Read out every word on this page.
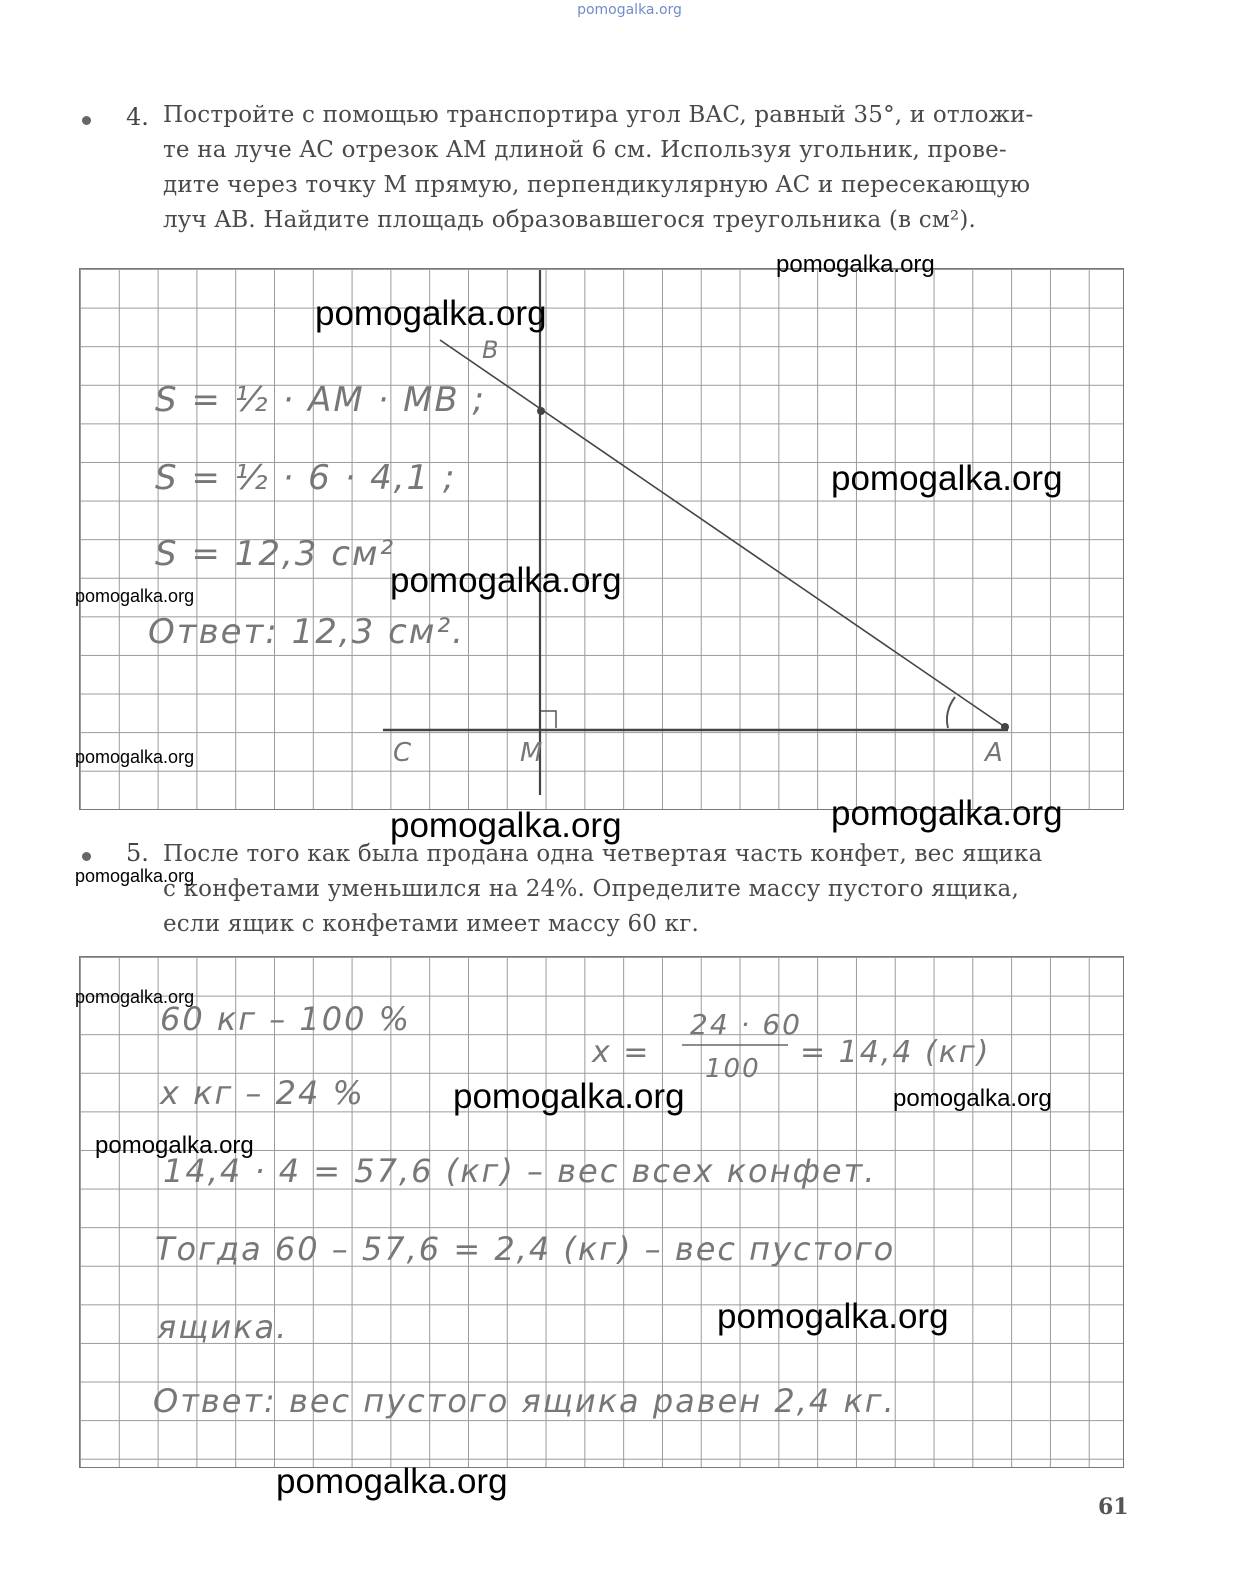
pomogalka.org
4. Постройте с помощью транспортира угол BAC, равный 35°, и отложи-
те на луче AC отрезок AM длиной 6 см. Используя угольник, прове-
дите через точку M прямую, перпендикулярную AC и пересекающую
луч AB. Найдите площадь образовавшегося треугольника (в см²).
S = ½ · AM · MB ;
S = ½ · 6 · 4,1 ;
S = 12,3 см²
Ответ: 12,3 см².
B
C	M	A
5. После того как была продана одна четвертая часть конфет, вес ящика
с конфетами уменьшился на 24%. Определите массу пустого ящика,
если ящик с конфетами имеет массу 60 кг.
60 кг – 100 %
x кг – 24 %
x =
24 · 60
100 = 14,4 (кг)
14,4 · 4 = 57,6 (кг) – вес всех конфет.
Тогда 60 – 57,6 = 2,4 (кг) – вес пустого
ящика.
Ответ: вес пустого ящика равен 2,4 кг.
pomogalka.org
pomogalka.org
pomogalka.org
pomogalka.org
pomogalka.org
pomogalka.org
pomogalka.org
pomogalka.org
pomogalka.org
pomogalka.org
pomogalka.org	pomogalka.org
pomogalka.org
pomogalka.org
pomogalka.org
61
